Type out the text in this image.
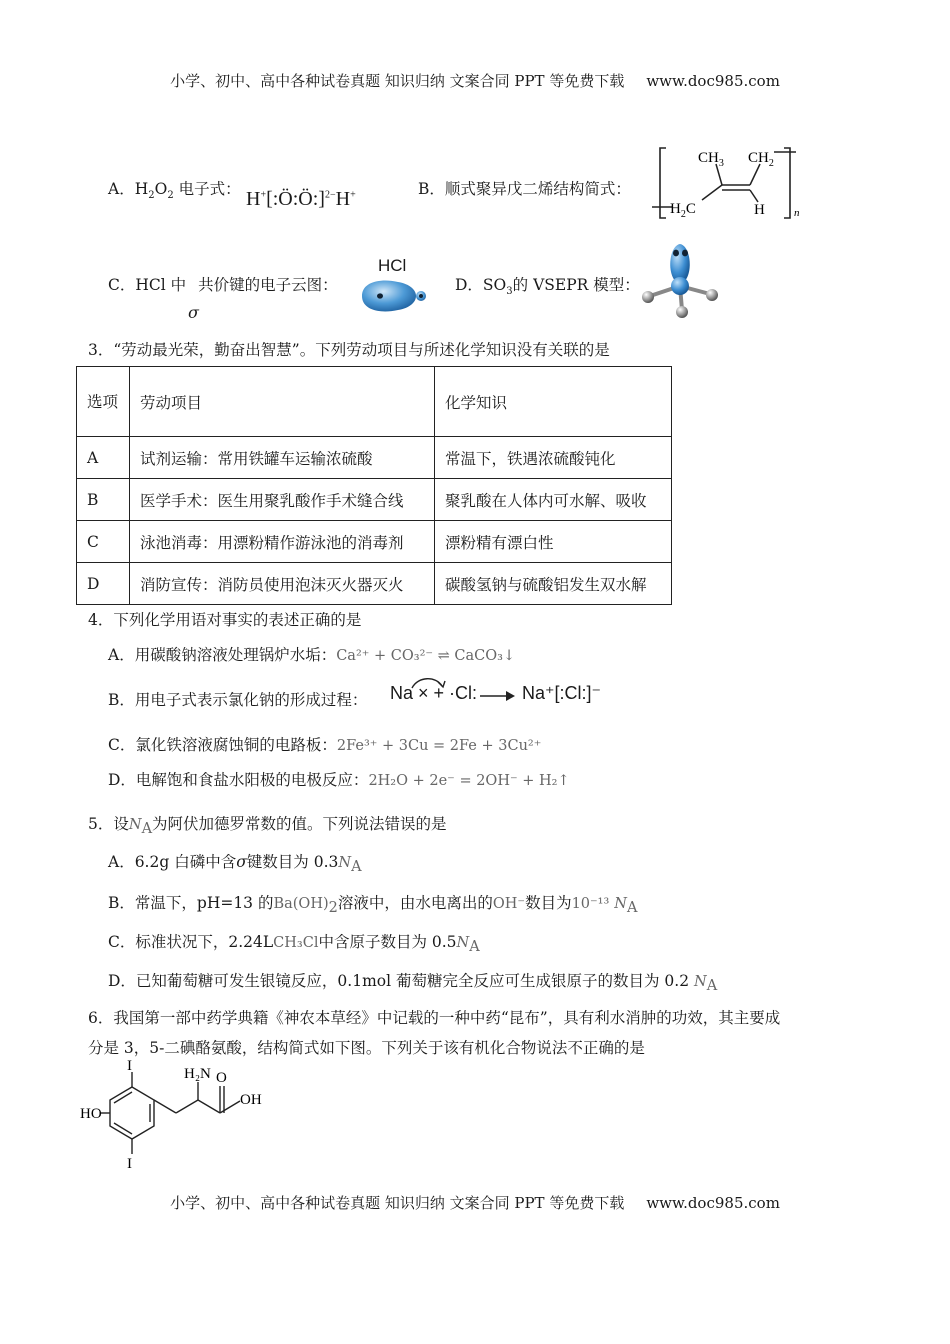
小学、初中、高中各种试卷真题 知识归纳 文案合同 PPT 等免费下载 www.doc985.com
A．$H_2O_2$ 电子式： H+[:Ö:Ö:]$^{2-}$H+	B．顺式聚异戊二烯结构简式：
$CH_3$ $CH_2$
$H_2C$	H	n
C．HCl 中 共价键的电子云图：
σ
HCl
D．$SO_3$的 VSEPR 模型：
3．“劳动最光荣，勤奋出智慧”。下列劳动项目与所述化学知识没有关联的是
选项	劳动项目	化学知识
A	试剂运输：常用铁罐车运输浓硫酸	常温下，铁遇浓硫酸钝化
B	医学手术：医生用聚乳酸作手术缝合线	聚乳酸在人体内可水解、吸收
C	泳池消毒：用漂粉精作游泳池的消毒剂	漂粉精有漂白性
D	消防宣传：消防员使用泡沫灭火器灭火	碳酸氢钠与硫酸铝发生双水解
4．下列化学用语对事实的表述正确的是
A．用碳酸钠溶液处理锅炉水垢：Ca²⁺ + CO₃²⁻ ⇌ CaCO₃↓
B．用电子式表示氯化钠的形成过程： Na × + ·Cl: → Na⁺[:Cl:]⁻
C．氯化铁溶液腐蚀铜的电路板：2Fe³⁺ + 3Cu = 2Fe + 3Cu²⁺
D．电解饱和食盐水阳极的电极反应：2H₂O + 2e⁻ = 2OH⁻ + H₂↑
5．设$N_A$为阿伏加德罗常数的值。下列说法错误的是
A．6.2g 白磷中含σ键数目为 $0.3N_A$
B．常温下，pH=13 的$Ba(OH)_2$溶液中，由水电离出的OH⁻数目为10⁻¹³ $N_A$
C．标准状况下，2.24LCH₃Cl中含原子数目为 $0.5N_A$
D．已知葡萄糖可发生银镜反应，0.1mol 葡萄糖完全反应可生成银原子的数目为 0.2 $N_A$
6．我国第一部中药学典籍《神农本草经》中记载的一种中药“昆布”，具有利水消肿的功效，其主要成
分是 3，5-二碘酪氨酸，结构简式如下图。下列关于该有机化合物说法不正确的是
I
I
HO
H₂N O
OH
小学、初中、高中各种试卷真题 知识归纳 文案合同 PPT 等免费下载 www.doc985.com
